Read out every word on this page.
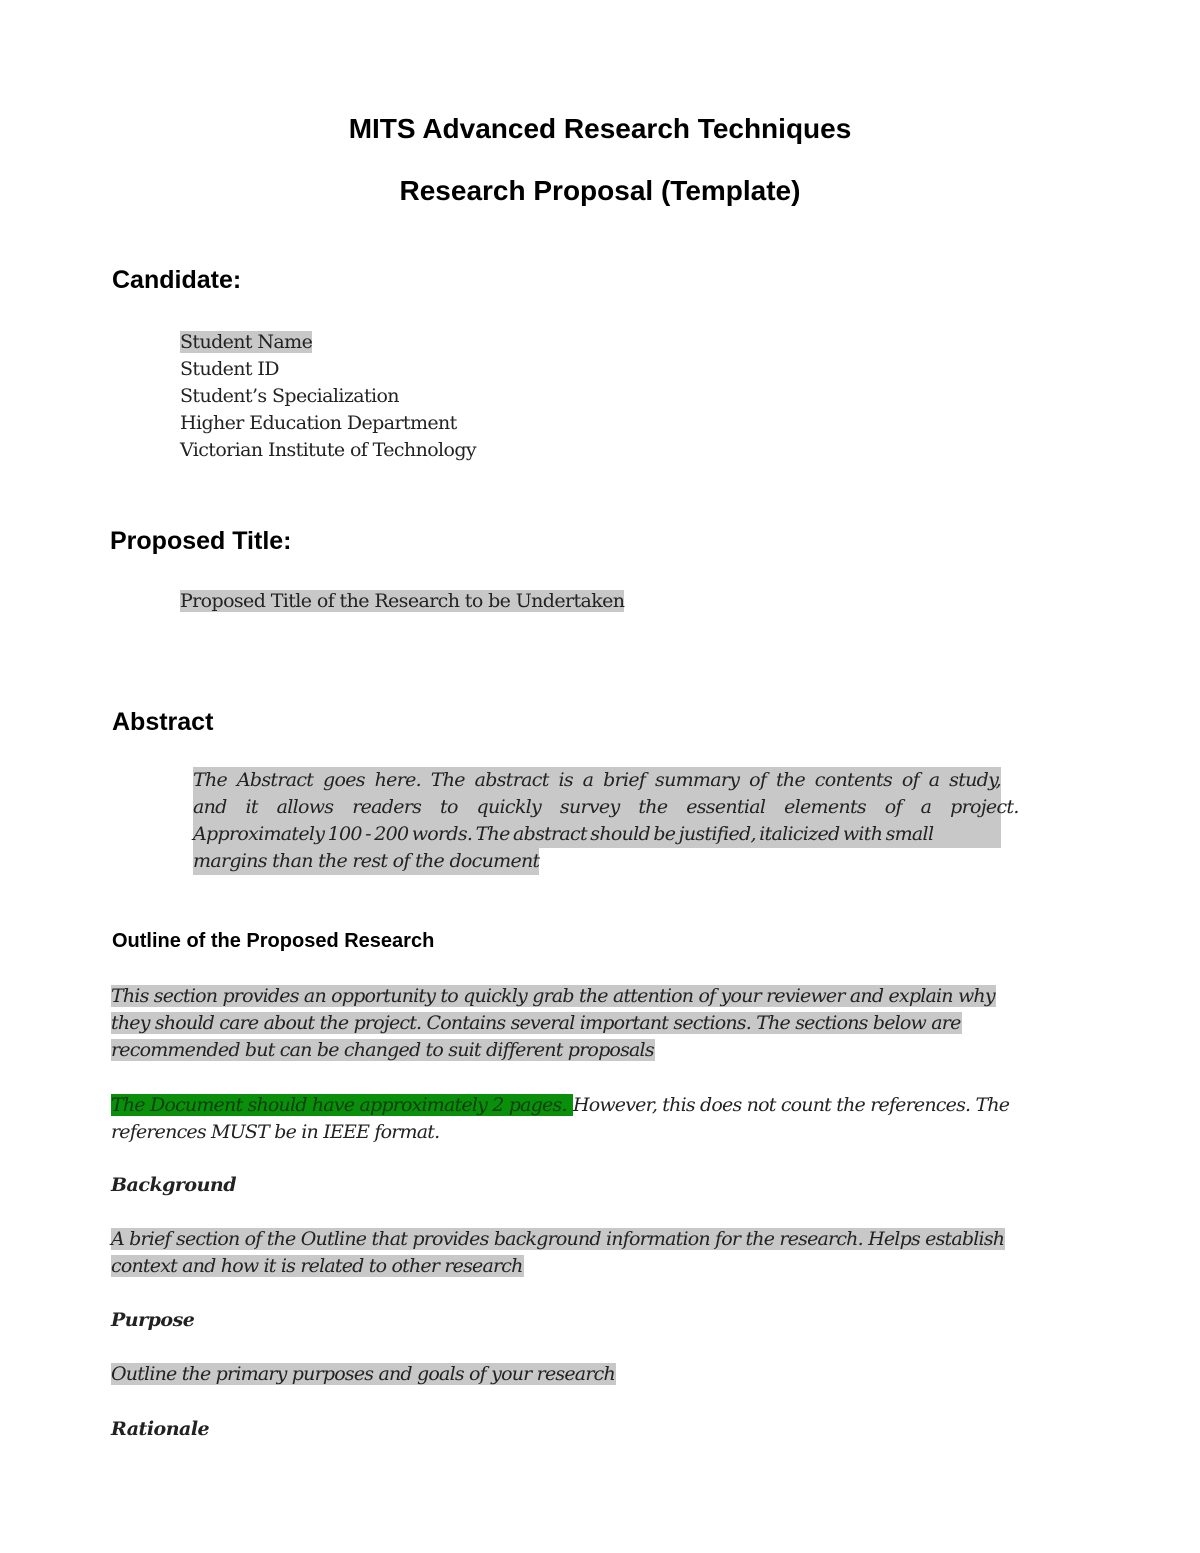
MITS Advanced Research Techniques
Research Proposal (Template)
Candidate:
Student Name
Student ID
Student’s Specialization
Higher Education Department
Victorian Institute of Technology
Proposed Title:
Proposed Title of the Research to be Undertaken
Abstract
The Abstract goes here. The abstract is a brief summary of the contents of a study,
and it allows readers to quickly survey the essential elements of a project.
Approximately 100 - 200 words. The abstract should be justified, italicized with small
margins than the rest of the document
Outline of the Proposed Research
This section provides an opportunity to quickly grab the attention of your reviewer and explain why
they should care about the project. Contains several important sections. The sections below are
recommended but can be changed to suit different proposals
The Document should have approximately 2 pages. However, this does not count the references. The
references MUST be in IEEE format.
Background
A brief section of the Outline that provides background information for the research. Helps establish
context and how it is related to other research
Purpose
Outline the primary purposes and goals of your research
Rationale
